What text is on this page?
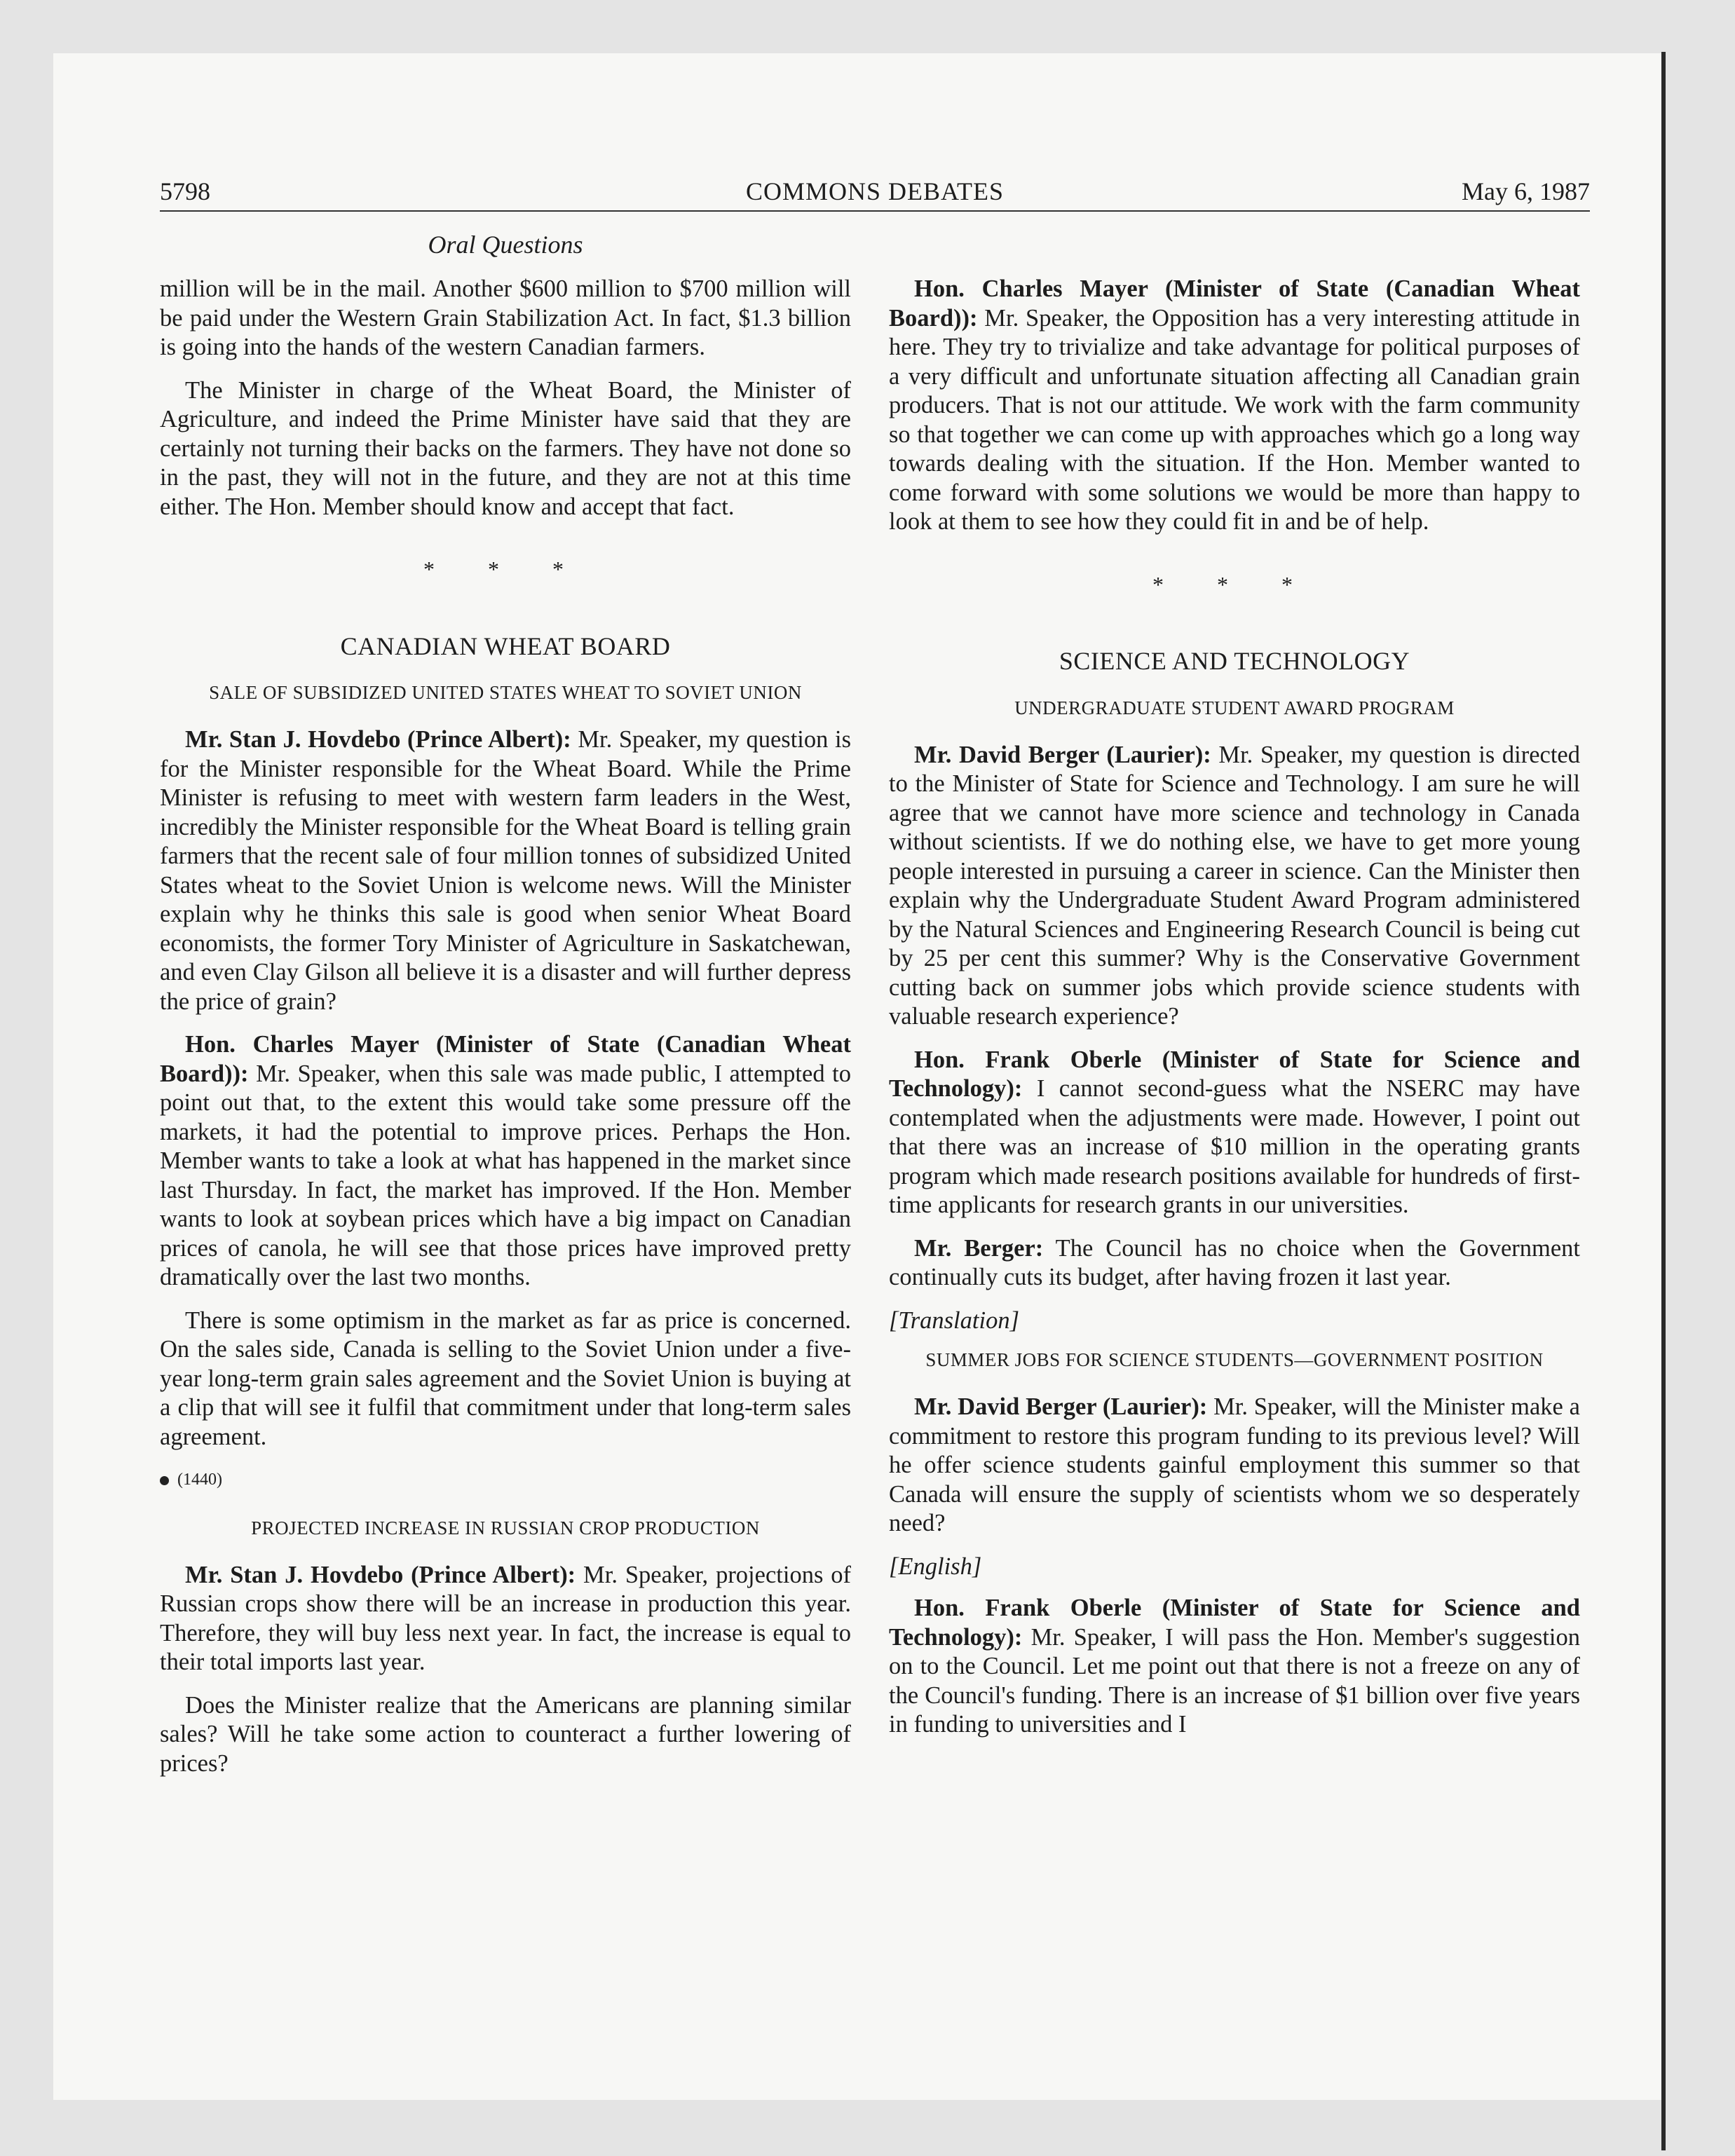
5798	COMMONS DEBATES	May 6, 1987
Oral Questions

million will be in the mail. Another $600 million to $700 million will be paid under the Western Grain Stabilization Act. In fact, $1.3 billion is going into the hands of the western Canadian farmers.

The Minister in charge of the Wheat Board, the Minister of Agriculture, and indeed the Prime Minister have said that they are certainly not turning their backs on the farmers. They have not done so in the past, they will not in the future, and they are not at this time either. The Hon. Member should know and accept that fact.

* * *
CANADIAN WHEAT BOARD
SALE OF SUBSIDIZED UNITED STATES WHEAT TO SOVIET UNION

Mr. Stan J. Hovdebo (Prince Albert): Mr. Speaker, my question is for the Minister responsible for the Wheat Board. While the Prime Minister is refusing to meet with western farm leaders in the West, incredibly the Minister responsible for the Wheat Board is telling grain farmers that the recent sale of four million tonnes of subsidized United States wheat to the Soviet Union is welcome news. Will the Minister explain why he thinks this sale is good when senior Wheat Board economists, the former Tory Minister of Agriculture in Saskatchewan, and even Clay Gilson all believe it is a disaster and will further depress the price of grain?

Hon. Charles Mayer (Minister of State (Canadian Wheat Board)): Mr. Speaker, when this sale was made public, I attempted to point out that, to the extent this would take some pressure off the markets, it had the potential to improve prices. Perhaps the Hon. Member wants to take a look at what has happened in the market since last Thursday. In fact, the market has improved. If the Hon. Member wants to look at soybean prices which have a big impact on Canadian prices of canola, he will see that those prices have improved pretty dramatically over the last two months.

There is some optimism in the market as far as price is concerned. On the sales side, Canada is selling to the Soviet Union under a five-year long-term grain sales agreement and the Soviet Union is buying at a clip that will see it fulfil that commitment under that long-term sales agreement.

(1440)
PROJECTED INCREASE IN RUSSIAN CROP PRODUCTION

Mr. Stan J. Hovdebo (Prince Albert): Mr. Speaker, projections of Russian crops show there will be an increase in production this year. Therefore, they will buy less next year. In fact, the increase is equal to their total imports last year.

Does the Minister realize that the Americans are planning similar sales? Will he take some action to counteract a further lowering of prices?

Hon. Charles Mayer (Minister of State (Canadian Wheat Board)): Mr. Speaker, the Opposition has a very interesting attitude in here. They try to trivialize and take advantage for political purposes of a very difficult and unfortunate situation affecting all Canadian grain producers. That is not our attitude. We work with the farm community so that together we can come up with approaches which go a long way towards dealing with the situation. If the Hon. Member wanted to come forward with some solutions we would be more than happy to look at them to see how they could fit in and be of help.

* * *
SCIENCE AND TECHNOLOGY
UNDERGRADUATE STUDENT AWARD PROGRAM

Mr. David Berger (Laurier): Mr. Speaker, my question is directed to the Minister of State for Science and Technology. I am sure he will agree that we cannot have more science and technology in Canada without scientists. If we do nothing else, we have to get more young people interested in pursuing a career in science. Can the Minister then explain why the Undergraduate Student Award Program administered by the Natural Sciences and Engineering Research Council is being cut by 25 per cent this summer? Why is the Conservative Government cutting back on summer jobs which provide science students with valuable research experience?

Hon. Frank Oberle (Minister of State for Science and Technology): I cannot second-guess what the NSERC may have contemplated when the adjustments were made. However, I point out that there was an increase of $10 million in the operating grants program which made research positions available for hundreds of first-time applicants for research grants in our universities.

Mr. Berger: The Council has no choice when the Government continually cuts its budget, after having frozen it last year.

[Translation]
SUMMER JOBS FOR SCIENCE STUDENTS—GOVERNMENT POSITION

Mr. David Berger (Laurier): Mr. Speaker, will the Minister make a commitment to restore this program funding to its previous level? Will he offer science students gainful employment this summer so that Canada will ensure the supply of scientists whom we so desperately need?

[English]

Hon. Frank Oberle (Minister of State for Science and Technology): Mr. Speaker, I will pass the Hon. Member's suggestion on to the Council. Let me point out that there is not a freeze on any of the Council's funding. There is an increase of $1 billion over five years in funding to universities and I
